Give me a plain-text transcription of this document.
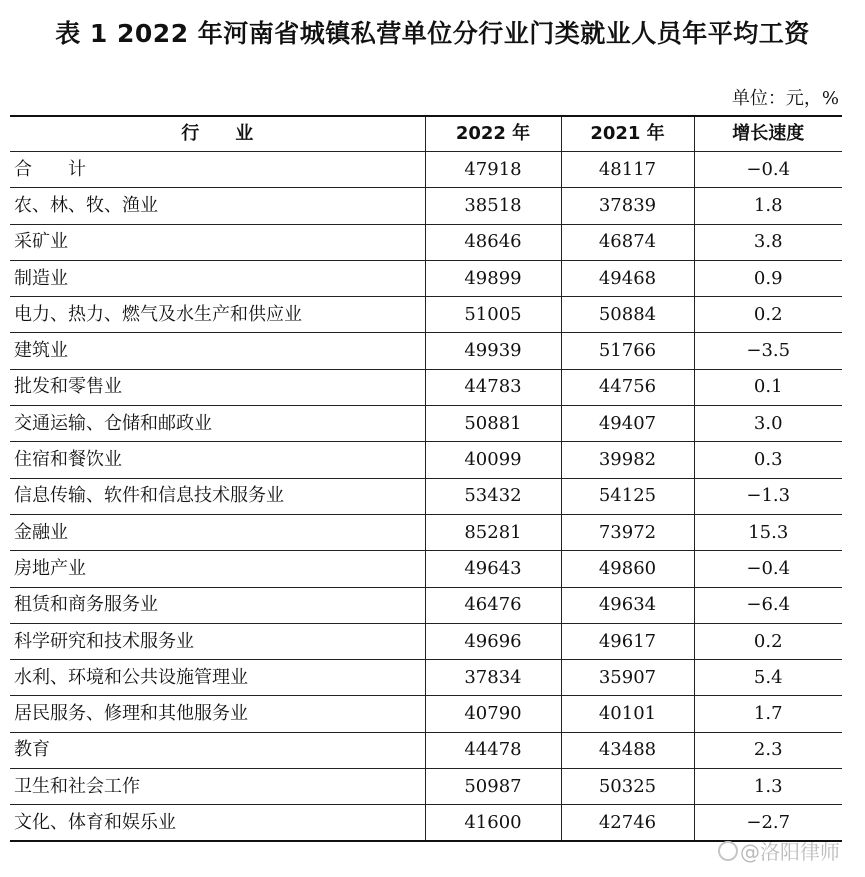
表 1 2022 年河南省城镇私营单位分行业门类就业人员年平均工资
单位：元，%
行　　业	2022 年	2021 年	增长速度
合　　计	47918	48117	−0.4
农、林、牧、渔业	38518	37839	1.8
采矿业	48646	46874	3.8
制造业	49899	49468	0.9
电力、热力、燃气及水生产和供应业	51005	50884	0.2
建筑业	49939	51766	−3.5
批发和零售业	44783	44756	0.1
交通运输、仓储和邮政业	50881	49407	3.0
住宿和餐饮业	40099	39982	0.3
信息传输、软件和信息技术服务业	53432	54125	−1.3
金融业	85281	73972	15.3
房地产业	49643	49860	−0.4
租赁和商务服务业	46476	49634	−6.4
科学研究和技术服务业	49696	49617	0.2
水利、环境和公共设施管理业	37834	35907	5.4
居民服务、修理和其他服务业	40790	40101	1.7
教育	44478	43488	2.3
卫生和社会工作	50987	50325	1.3
文化、体育和娱乐业	41600	42746	−2.7
@洛阳律师
